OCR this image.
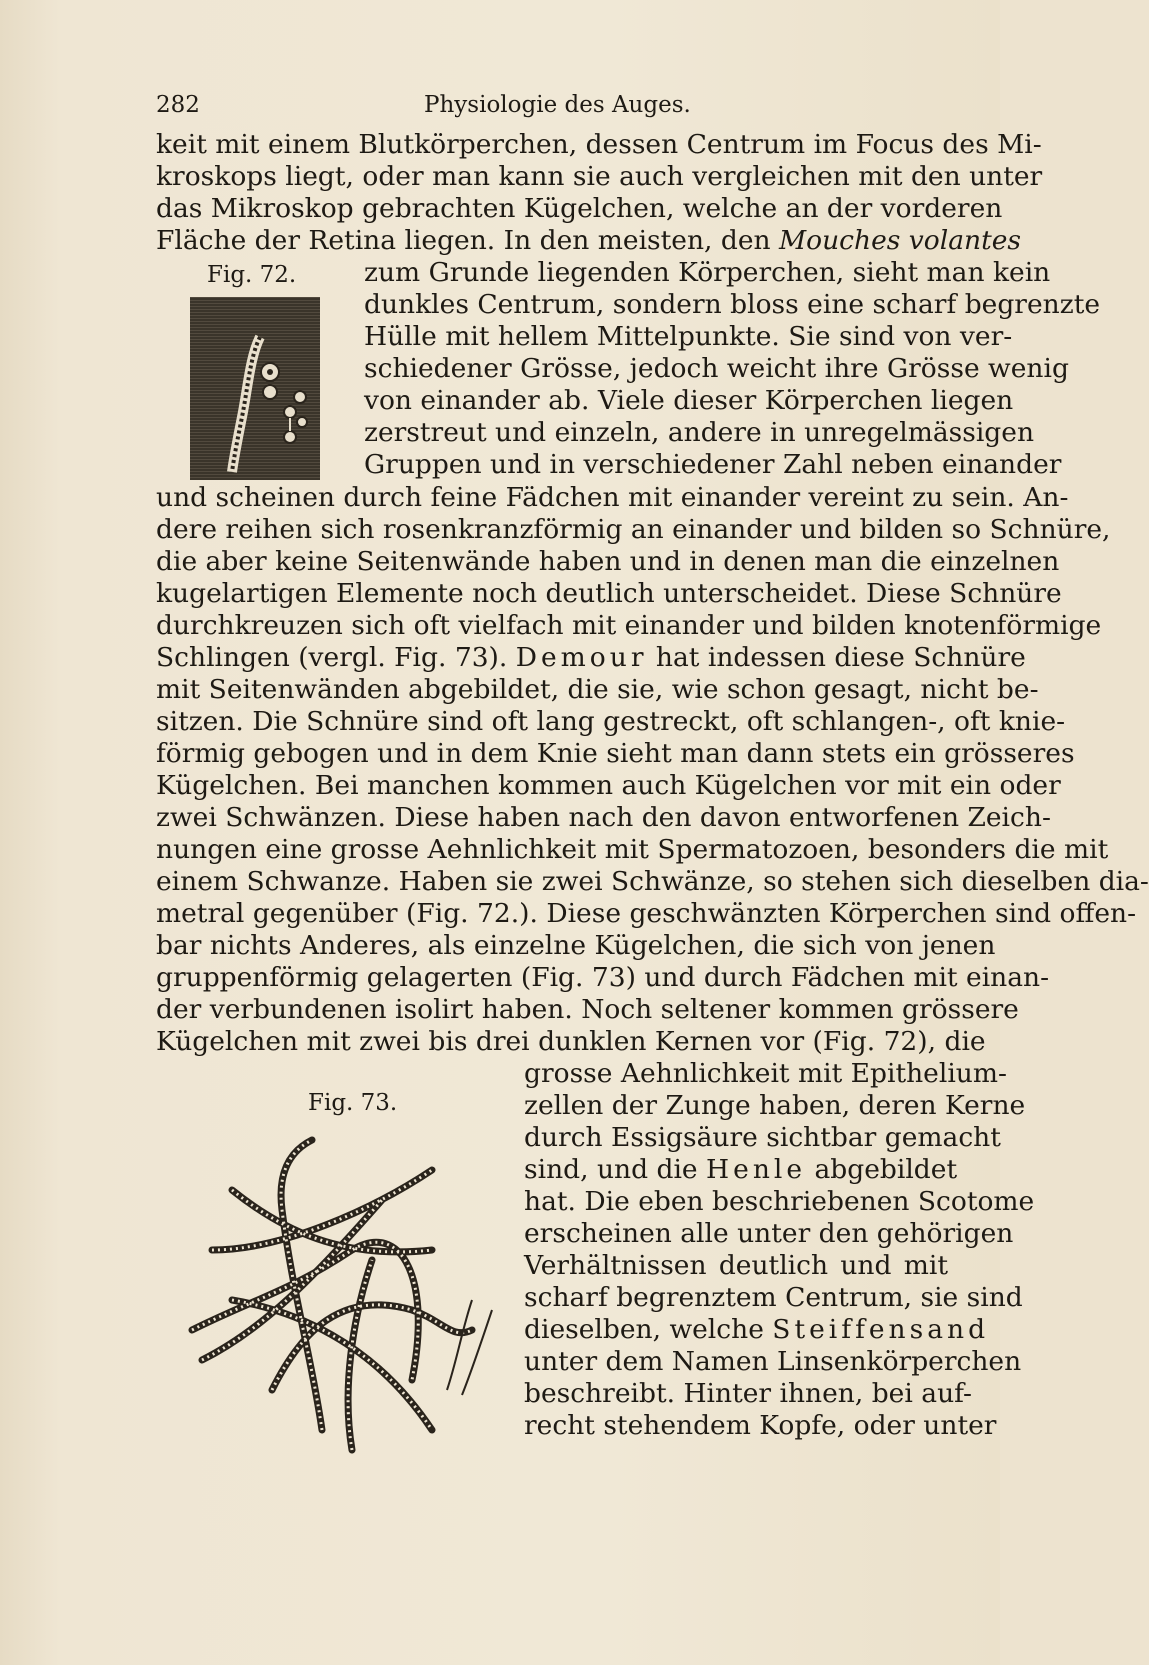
282	Physiologie des Auges.
keit mit einem Blutkörperchen, dessen Centrum im Focus des Mi-
kroskops liegt, oder man kann sie auch vergleichen mit den unter
das Mikroskop gebrachten Kügelchen, welche an der vorderen
Fläche der Retina liegen. In den meisten, den Mouches volantes
Fig. 72.	zum Grunde liegenden Körperchen, sieht man kein
dunkles Centrum, sondern bloss eine scharf begrenzte
Hülle mit hellem Mittelpunkte. Sie sind von ver-
schiedener Grösse, jedoch weicht ihre Grösse wenig
von einander ab. Viele dieser Körperchen liegen
zerstreut und einzeln, andere in unregelmässigen
Gruppen und in verschiedener Zahl neben einander
und scheinen durch feine Fädchen mit einander vereint zu sein. An-
dere reihen sich rosenkranzförmig an einander und bilden so Schnüre,
die aber keine Seitenwände haben und in denen man die einzelnen
kugelartigen Elemente noch deutlich unterscheidet. Diese Schnüre
durchkreuzen sich oft vielfach mit einander und bilden knotenförmige
Schlingen (vergl. Fig. 73). Demour hat indessen diese Schnüre
mit Seitenwänden abgebildet, die sie, wie schon gesagt, nicht be-
sitzen. Die Schnüre sind oft lang gestreckt, oft schlangen-, oft knie-
förmig gebogen und in dem Knie sieht man dann stets ein grösseres
Kügelchen. Bei manchen kommen auch Kügelchen vor mit ein oder
zwei Schwänzen. Diese haben nach den davon entworfenen Zeich-
nungen eine grosse Aehnlichkeit mit Spermatozoen, besonders die mit
einem Schwanze. Haben sie zwei Schwänze, so stehen sich dieselben dia-
metral gegenüber (Fig. 72.). Diese geschwänzten Körperchen sind offen-
bar nichts Anderes, als einzelne Kügelchen, die sich von jenen
gruppenförmig gelagerten (Fig. 73) und durch Fädchen mit einan-
der verbundenen isolirt haben. Noch seltener kommen grössere
Kügelchen mit zwei bis drei dunklen Kernen vor (Fig. 72), die
Fig. 73.
grosse Aehnlichkeit mit Epithelium-
zellen der Zunge haben, deren Kerne
durch Essigsäure sichtbar gemacht
sind, und die Henle abgebildet
hat. Die eben beschriebenen Scotome
erscheinen alle unter den gehörigen
Verhältnissen deutlich und mit
scharf begrenztem Centrum, sie sind
dieselben, welche Steiffensand
unter dem Namen Linsenkörperchen
beschreibt. Hinter ihnen, bei auf-
recht stehendem Kopfe, oder unter
